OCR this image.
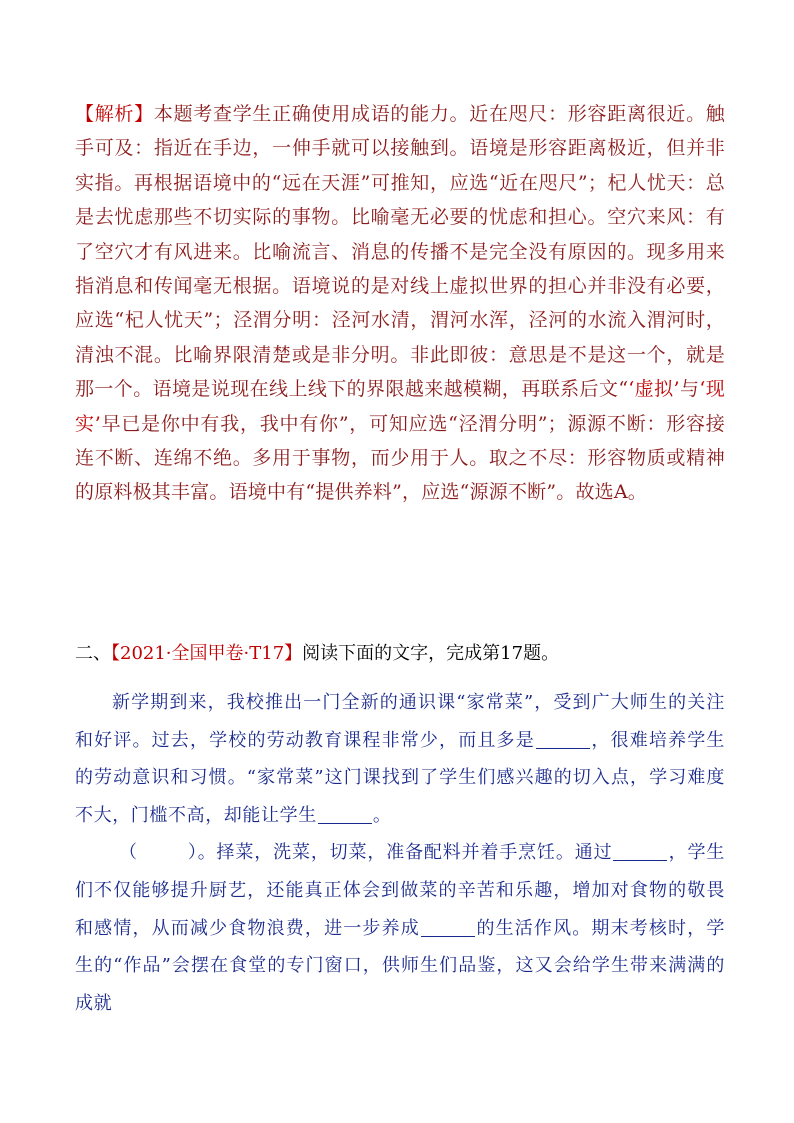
【解析】本题考查学生正确使用成语的能力。近在咫尺：形容距离很近。触手可及：指近在手边，一伸手就可以接触到。语境是形容距离极近，但并非实指。再根据语境中的“远在天涯”可推知，应选“近在咫尺”；杞人忧天：总是去忧虑那些不切实际的事物。比喻毫无必要的忧虑和担心。空穴来风：有了空穴才有风进来。比喻流言、消息的传播不是完全没有原因的。现多用来指消息和传闻毫无根据。语境说的是对线上虚拟世界的担心并非没有必要，应选“杞人忧天”；泾渭分明：泾河水清，渭河水浑，泾河的水流入渭河时，清浊不混。比喻界限清楚或是非分明。非此即彼：意思是不是这一个，就是那一个。语境是说现在线上线下的界限越来越模糊，再联系后文“‘虚拟’与‘现实’早已是你中有我，我中有你”，可知应选“泾渭分明”；源源不断：形容接连不断、连绵不绝。多用于事物，而少用于人。取之不尽：形容物质或精神的原料极其丰富。语境中有“提供养料”，应选“源源不断”。故选A。
二、【2021·全国甲卷·T17】阅读下面的文字，完成第17题。

新学期到来，我校推出一门全新的通识课“家常菜”，受到广大师生的关注和好评。过去，学校的劳动教育课程非常少，而且多是	，很难培养学生的劳动意识和习惯。“家常菜”这门课找到了学生们感兴趣的切入点，学习难度不大，门槛不高，却能让学生	。

（	）。择菜，洗菜，切菜，准备配料并着手烹饪。通过	，学生们不仅能够提升厨艺，还能真正体会到做菜的辛苦和乐趣，增加对食物的敬畏和感情，从而减少食物浪费，进一步养成	的生活作风。期末考核时，学生的“作品”会摆在食堂的专门窗口，供师生们品鉴，这又会给学生带来满满的成就
